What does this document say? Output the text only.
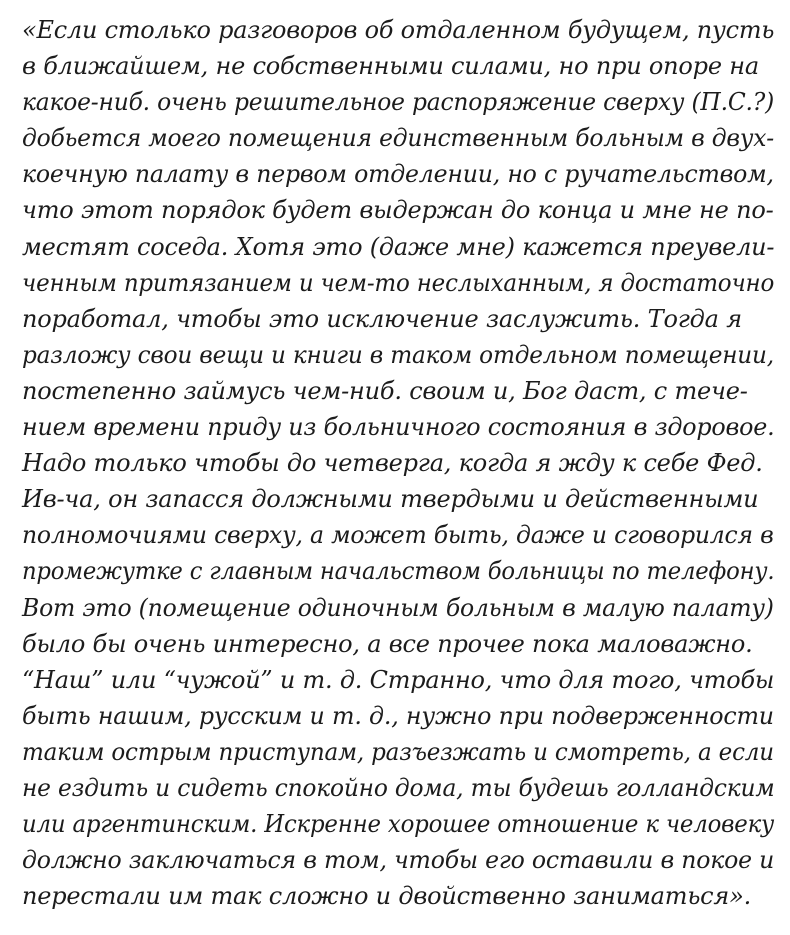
«Если столько разговоров об отдаленном будущем, пусть
в ближайшем, не собственными силами, но при опоре на
какое-ниб. очень решительное распоряжение сверху (П.С.?)
добьется моего помещения единственным больным в двух-
коечную палату в первом отделении, но с ручательством,
что этот порядок будет выдержан до конца и мне не по-
местят соседа. Хотя это (даже мне) кажется преувели-
ченным притязанием и чем-то неслыханным, я достаточно
поработал, чтобы это исключение заслужить. Тогда я
разложу свои вещи и книги в таком отдельном помещении,
постепенно займусь чем-ниб. своим и, Бог даст, с тече-
нием времени приду из больничного состояния в здоровое.
Надо только чтобы до четверга, когда я жду к себе Фед.
Ив-ча, он запасся должными твердыми и действенными
полномочиями сверху, а может быть, даже и сговорился в
промежутке с главным начальством больницы по телефону.
Вот это (помещение одиночным больным в малую палату)
было бы очень интересно, а все прочее пока маловажно.
“Наш” или “чужой” и т. д. Странно, что для того, чтобы
быть нашим, русским и т. д., нужно при подверженности
таким острым приступам, разъезжать и смотреть, а если
не ездить и сидеть спокойно дома, ты будешь голландским
или аргентинским. Искренне хорошее отношение к человеку
должно заключаться в том, чтобы его оставили в покое и
перестали им так сложно и двойственно заниматься».
